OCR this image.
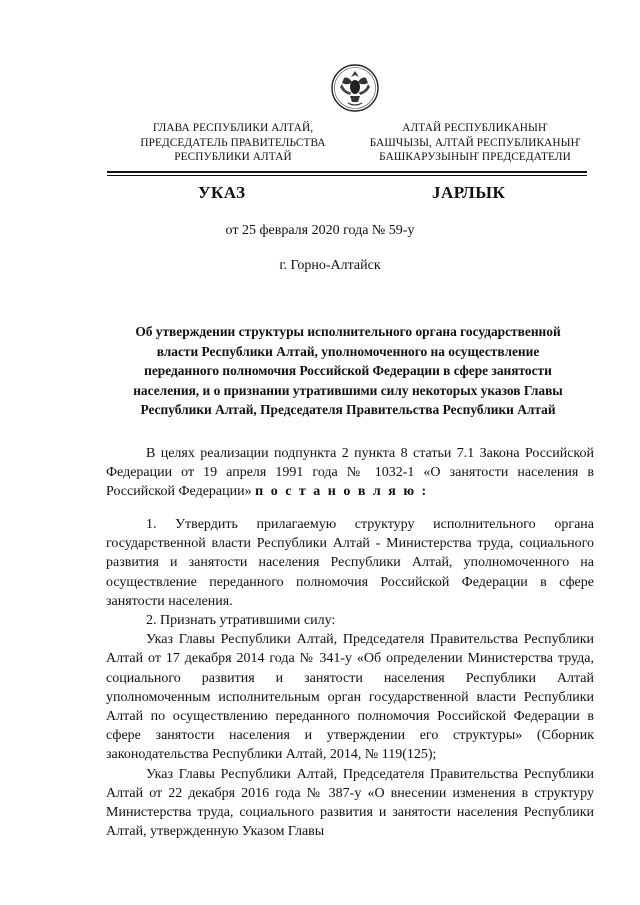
ГЛАВА РЕСПУБЛИКИ АЛТАЙ,
ПРЕДСЕДАТЕЛЬ ПРАВИТЕЛЬСТВА
РЕСПУБЛИКИ АЛТАЙ
АЛТАЙ РЕСПУБЛИКАНЫҤ
БАШЧЫЗЫ, АЛТАЙ РЕСПУБЛИКАНЫҤ
БАШКАРУЗЫНЫҤ ПРЕДСЕДАТЕЛИ
УКАЗ	JАРЛЫК
от 25 февраля 2020 года № 59-у
г. Горно-Алтайск
Об утверждении структуры исполнительного органа государственной
власти Республики Алтай, уполномоченного на осуществление
переданного полномочия Российской Федерации в сфере занятости
населения, и о признании утратившими силу некоторых указов Главы
Республики Алтай, Председателя Правительства Республики Алтай

В целях реализации подпункта 2 пункта 8 статьи 7.1 Закона Российской Федерации от 19 апреля 1991 года № 1032-1 «О занятости населения в Российской Федерации» п о с т а н о в л я ю :

1. Утвердить прилагаемую структуру исполнительного органа государственной власти Республики Алтай - Министерства труда, социального развития и занятости населения Республики Алтай, уполномоченного на осуществление переданного полномочия Российской Федерации в сфере занятости населения.

2. Признать утратившими силу:

Указ Главы Республики Алтай, Председателя Правительства Республики Алтай от 17 декабря 2014 года № 341-у «Об определении Министерства труда, социального развития и занятости населения Республики Алтай уполномоченным исполнительным орган государственной власти Республики Алтай по осуществлению переданного полномочия Российской Федерации в сфере занятости населения и утверждении его структуры» (Сборник законодательства Республики Алтай, 2014, № 119(125);

Указ Главы Республики Алтай, Председателя Правительства Республики Алтай от 22 декабря 2016 года № 387-у «О внесении изменения в структуру Министерства труда, социального развития и занятости населения Республики Алтай, утвержденную Указом Главы
